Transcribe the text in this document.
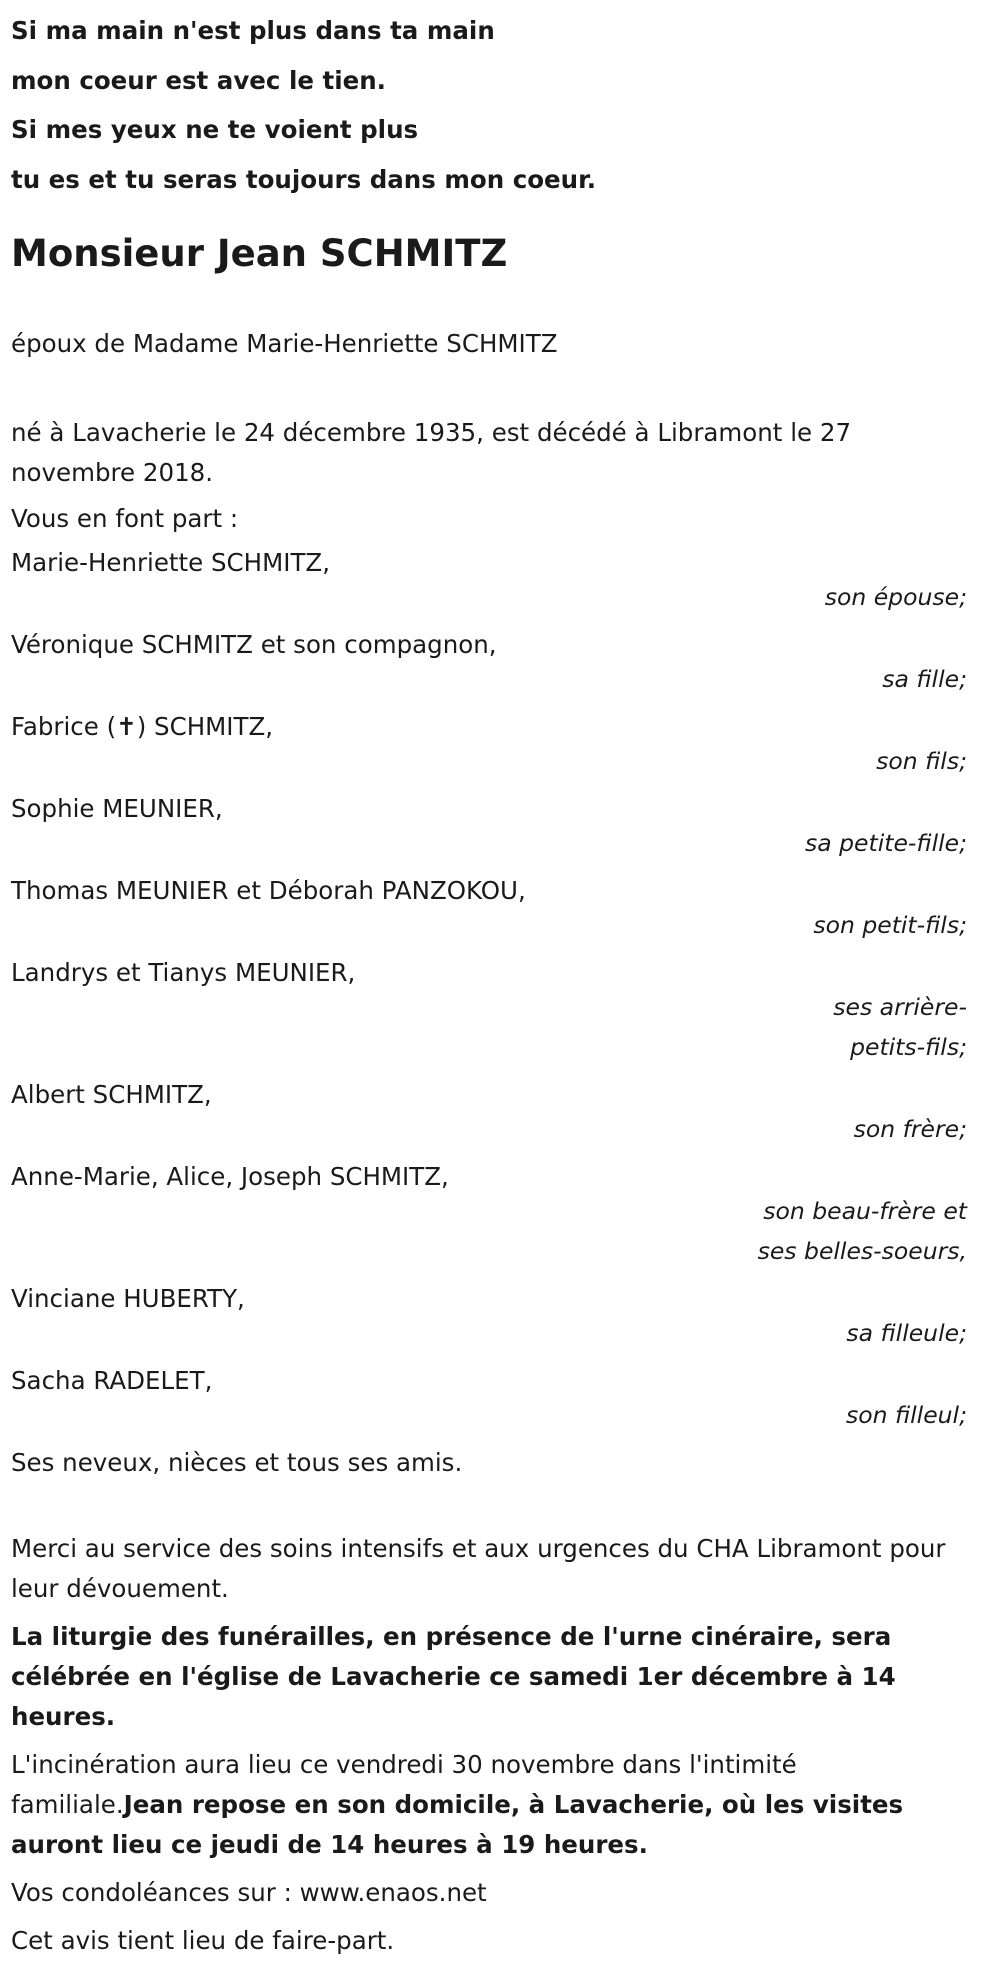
Si ma main n'est plus dans ta main

mon coeur est avec le tien.

Si mes yeux ne te voient plus

tu es et tu seras toujours dans mon coeur.

Monsieur Jean SCHMITZ

époux de Madame Marie-Henriette SCHMITZ

né à Lavacherie le 24 décembre 1935, est décédé à Libramont le 27 novembre 2018.

Vous en font part :

Marie-Henriette SCHMITZ,
son épouse;
Véronique SCHMITZ et son compagnon,
sa fille;
Fabrice (✝) SCHMITZ,
son fils;
Sophie MEUNIER,
sa petite-fille;
Thomas MEUNIER et Déborah PANZOKOU,
son petit-fils;
Landrys et Tianys MEUNIER,
ses arrière-
petits-fils;
Albert SCHMITZ,
son frère;
Anne-Marie, Alice, Joseph SCHMITZ,
son beau-frère et
ses belles-soeurs,
Vinciane HUBERTY,
sa filleule;
Sacha RADELET,
son filleul;

Ses neveux, nièces et tous ses amis.

Merci au service des soins intensifs et aux urgences du CHA Libramont pour leur dévouement.

La liturgie des funérailles, en présence de l'urne cinéraire, sera célébrée en l'église de Lavacherie ce samedi 1er décembre à 14 heures.

L'incinération aura lieu ce vendredi 30 novembre dans l'intimité familiale.Jean repose en son domicile, à Lavacherie, où les visites auront lieu ce jeudi de 14 heures à 19 heures.

Vos condoléances sur : www.enaos.net

Cet avis tient lieu de faire-part.
